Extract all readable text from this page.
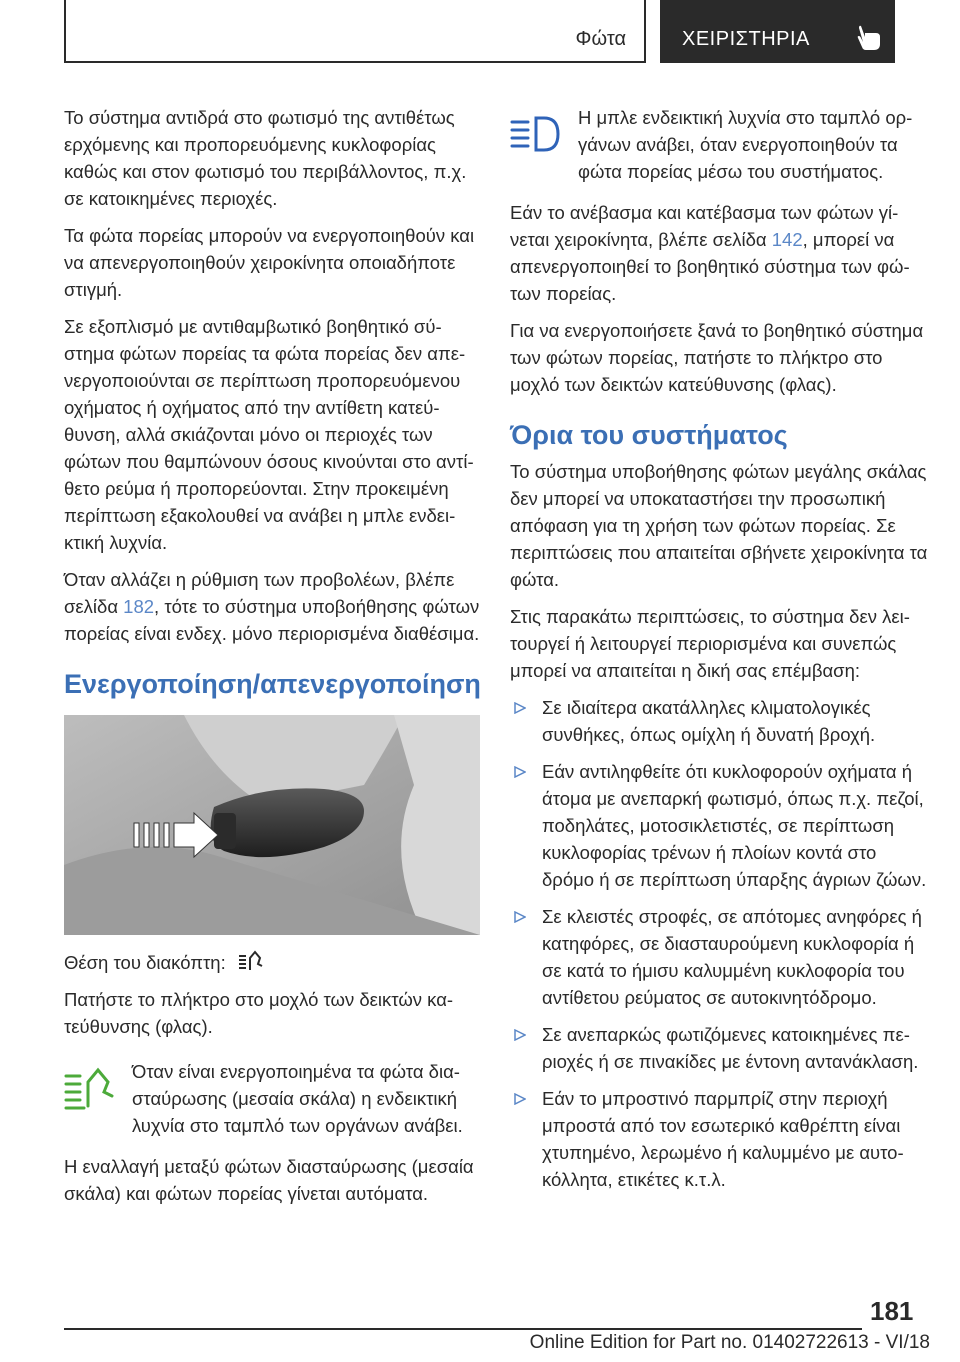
Φώτα	ΧΕΙΡΙΣΤΗΡΙΑ

Το σύστημα αντιδρά στο φωτισμό της αντιθέτως ερχόμενης και προπορευόμενης κυκλοφορίας καθώς και στον φωτισμό του περιβάλλοντος, π.χ. σε κατοικημένες περιοχές.

Τα φώτα πορείας μπορούν να ενεργοποιηθούν και να απενεργοποιηθούν χειροκίνητα οποιαδήποτε στιγμή.

Σε εξοπλισμό με αντιθαμβωτικό βοηθητικό σύστημα φώτων πορείας τα φώτα πορείας δεν απενεργοποιούνται σε περίπτωση προπορευόμενου οχήματος ή οχήματος από την αντίθετη κατεύθυνση, αλλά σκιάζονται μόνο οι περιοχές των φώτων που θαμπώνουν όσους κινούνται στο αντίθετο ρεύμα ή προπορεύονται. Στην προκειμένη περίπτωση εξακολουθεί να ανάβει η μπλε ενδεικτική λυχνία.

Όταν αλλάζει η ρύθμιση των προβολέων, βλέπε σελίδα 182, τότε το σύστημα υποβοήθησης φώτων πορείας είναι ενδεχ. μόνο περιορισμένα διαθέσιμα.

Ενεργοποίηση/απενεργοποίηση

Θέση του διακόπτη:

Πατήστε το πλήκτρο στο μοχλό των δεικτών κατεύθυνσης (φλας).

Όταν είναι ενεργοποιημένα τα φώτα διασταύρωσης (μεσαία σκάλα) η ενδεικτική λυχνία στο ταμπλό των οργάνων ανάβει.

Η εναλλαγή μεταξύ φώτων διασταύρωσης (μεσαία σκάλα) και φώτων πορείας γίνεται αυτόματα.

Η μπλε ενδεικτική λυχνία στο ταμπλό οργάνων ανάβει, όταν ενεργοποιηθούν τα φώτα πορείας μέσω του συστήματος.

Εάν το ανέβασμα και κατέβασμα των φώτων γίνεται χειροκίνητα, βλέπε σελίδα 142, μπορεί να απενεργοποιηθεί το βοηθητικό σύστημα των φώτων πορείας.

Για να ενεργοποιήσετε ξανά το βοηθητικό σύστημα των φώτων πορείας, πατήστε το πλήκτρο στο μοχλό των δεικτών κατεύθυνσης (φλας).

Όρια του συστήματος

Το σύστημα υποβοήθησης φώτων μεγάλης σκάλας δεν μπορεί να υποκαταστήσει την προσωπική απόφαση για τη χρήση των φώτων πορείας. Σε περιπτώσεις που απαιτείται σβήνετε χειροκίνητα τα φώτα.

Στις παρακάτω περιπτώσεις, το σύστημα δεν λειτουργεί ή λειτουργεί περιορισμένα και συνεπώς μπορεί να απαιτείται η δική σας επέμβαση:

Σε ιδιαίτερα ακατάλληλες κλιματολογικές συνθήκες, όπως ομίχλη ή δυνατή βροχή.

Εάν αντιληφθείτε ότι κυκλοφορούν οχήματα ή άτομα με ανεπαρκή φωτισμό, όπως π.χ. πεζοί, ποδηλάτες, μοτοσικλετιστές, σε περίπτωση κυκλοφορίας τρένων ή πλοίων κοντά στο δρόμο ή σε περίπτωση ύπαρξης άγριων ζώων.

Σε κλειστές στροφές, σε απότομες ανηφόρες ή κατηφόρες, σε διασταυρούμενη κυκλοφορία ή σε κατά το ήμισυ καλυμμένη κυκλοφορία του αντίθετου ρεύματος σε αυτοκινητόδρομο.

Σε ανεπαρκώς φωτιζόμενες κατοικημένες περιοχές ή σε πινακίδες με έντονη αντανάκλαση.

Εάν το μπροστινό παρμπρίζ στην περιοχή μπροστά από τον εσωτερικό καθρέπτη είναι χτυπημένο, λερωμένο ή καλυμμένο με αυτοκόλλητα, ετικέτες κ.τ.λ.

181
Online Edition for Part no. 01402722613 - VI/18
